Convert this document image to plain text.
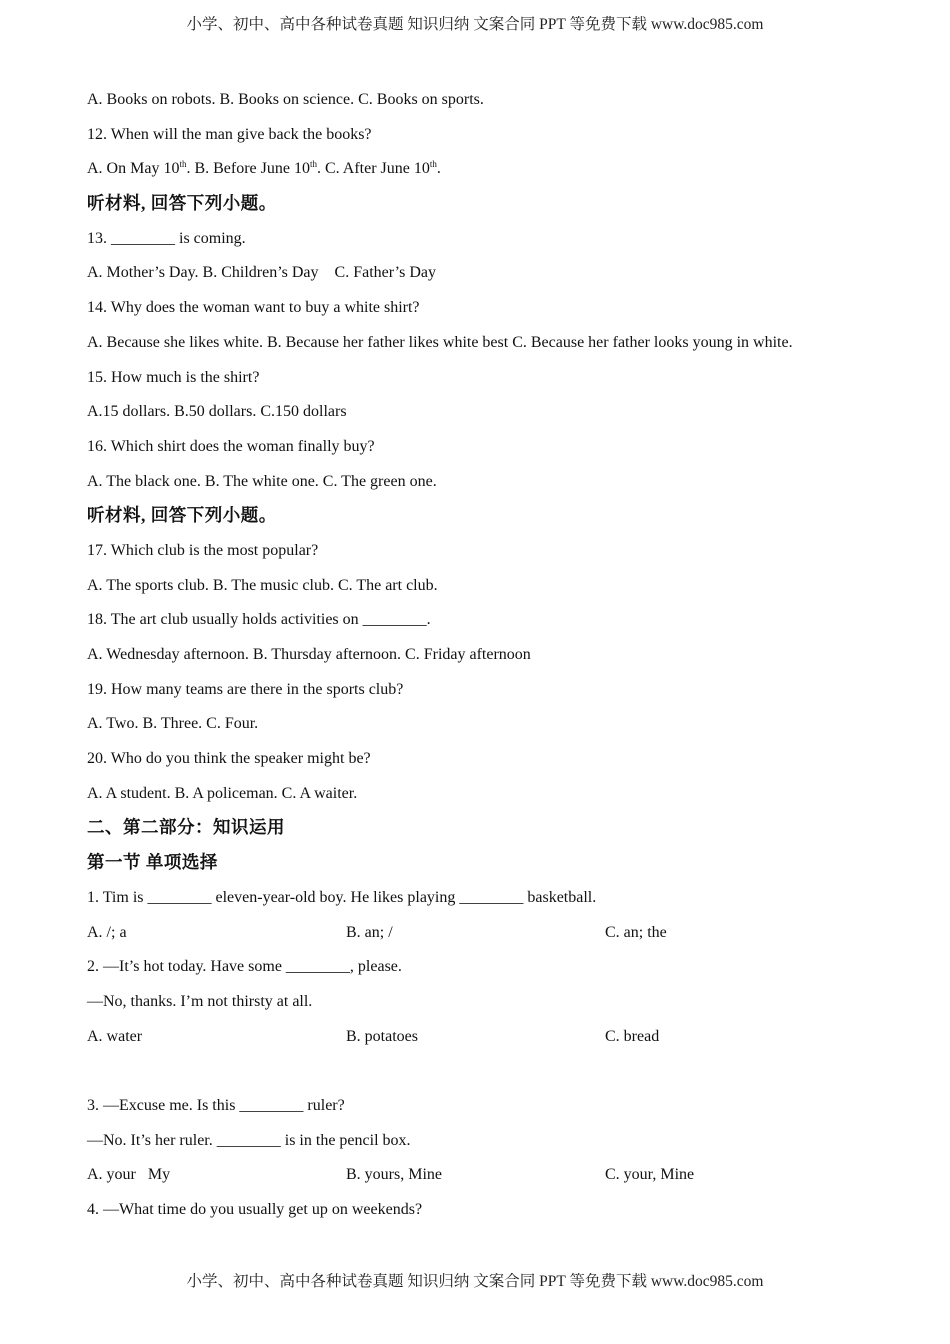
小学、初中、高中各种试卷真题 知识归纳 文案合同 PPT 等免费下载 www.doc985.com
A. Books on robots. B. Books on science. C. Books on sports.
12. When will the man give back the books?
A. On May 10th. B. Before June 10th. C. After June 10th.
听材料, 回答下列小题。
13. ________ is coming.
A. Mother’s Day. B. Children’s Day    C. Father’s Day
14. Why does the woman want to buy a white shirt?
A. Because she likes white. B. Because her father likes white best C. Because her father looks young in white.
15. How much is the shirt?
A.15 dollars. B.50 dollars. C.150 dollars
16. Which shirt does the woman finally buy?
A. The black one. B. The white one. C. The green one.
听材料, 回答下列小题。
17. Which club is the most popular?
A. The sports club. B. The music club. C. The art club.
18. The art club usually holds activities on ________.
A. Wednesday afternoon. B. Thursday afternoon. C. Friday afternoon
19. How many teams are there in the sports club?
A. Two. B. Three. C. Four.
20. Who do you think the speaker might be?
A. A student. B. A policeman. C. A waiter.
二、第二部分：知识运用
第一节 单项选择
1. Tim is ________ eleven-year-old boy. He likes playing ________ basketball.
A. /; a	B. an; /	C. an; the
2. —It’s hot today. Have some ________, please.
—No, thanks. I’m not thirsty at all.
A. water	B. potatoes	C. bread
3. —Excuse me. Is this ________ ruler?
—No. It’s her ruler. ________ is in the pencil box.
A. your   My	B. yours, Mine	C. your, Mine
4. —What time do you usually get up on weekends?
小学、初中、高中各种试卷真题 知识归纳 文案合同 PPT 等免费下载 www.doc985.com
